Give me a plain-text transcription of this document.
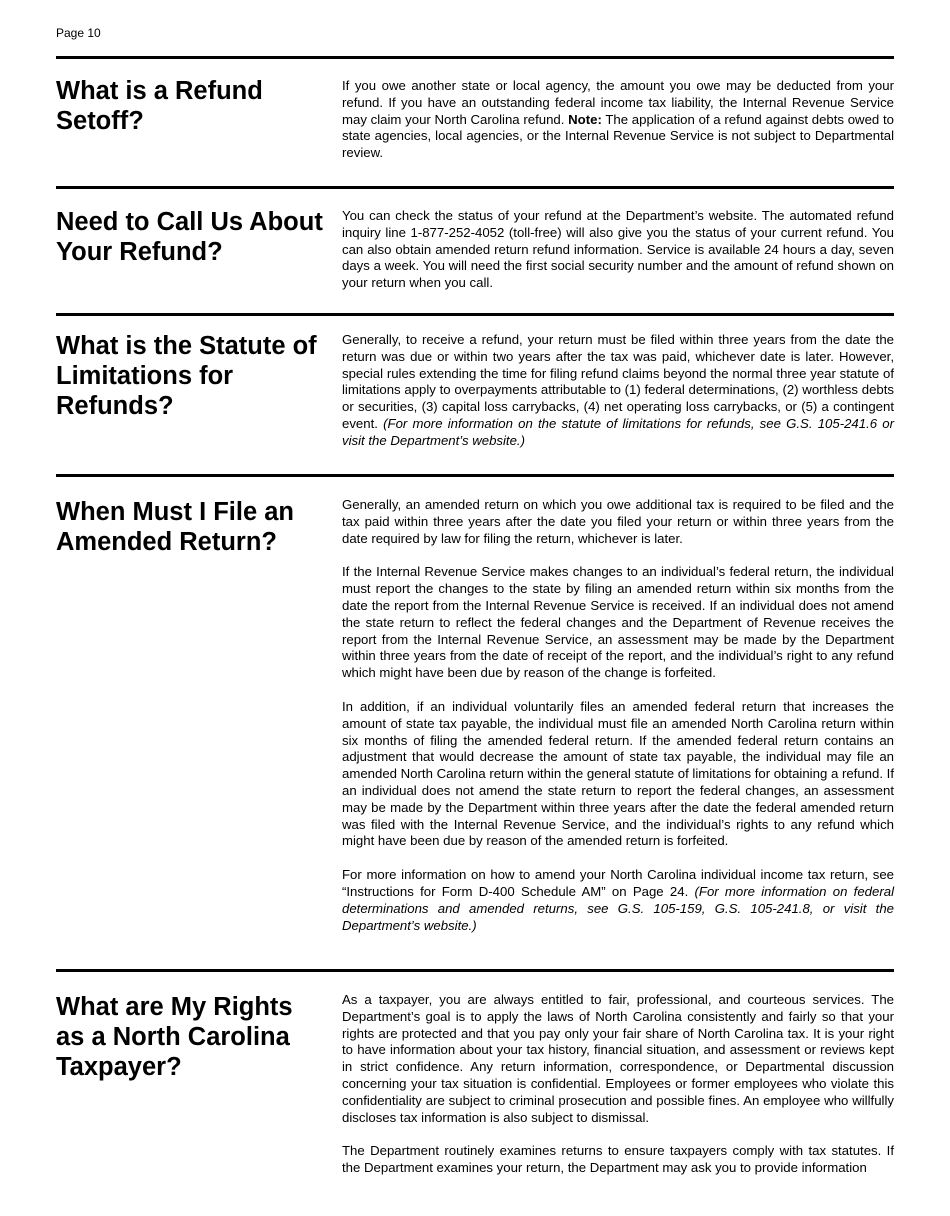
Page 10
What is a Refund Setoff?

If you owe another state or local agency, the amount you owe may be deducted from your refund. If you have an outstanding federal income tax liability, the Internal Revenue Service may claim your North Carolina refund. Note: The application of a refund against debts owed to state agencies, local agencies, or the Internal Revenue Service is not subject to Departmental review.

Need to Call Us About Your Refund?

You can check the status of your refund at the Department’s website. The automated refund inquiry line 1-877-252-4052 (toll-free) will also give you the status of your current refund. You can also obtain amended return refund information. Service is available 24 hours a day, seven days a week. You will need the first social security number and the amount of refund shown on your return when you call.

What is the Statute of Limitations for Refunds?

Generally, to receive a refund, your return must be filed within three years from the date the return was due or within two years after the tax was paid, whichever date is later. However, special rules extending the time for filing refund claims beyond the normal three year statute of limitations apply to overpayments attributable to (1) federal determinations, (2) worthless debts or securities, (3) capital loss carrybacks, (4) net operating loss carrybacks, or (5) a contingent event. (For more information on the statute of limitations for refunds, see G.S. 105-241.6 or visit the Department’s website.)

When Must I File an Amended Return?

Generally, an amended return on which you owe additional tax is required to be filed and the tax paid within three years after the date you filed your return or within three years from the date required by law for filing the return, whichever is later.

If the Internal Revenue Service makes changes to an individual’s federal return, the individual must report the changes to the state by filing an amended return within six months from the date the report from the Internal Revenue Service is received. If an individual does not amend the state return to reflect the federal changes and the Department of Revenue receives the report from the Internal Revenue Service, an assessment may be made by the Department within three years from the date of receipt of the report, and the individual’s right to any refund which might have been due by reason of the change is forfeited.

In addition, if an individual voluntarily files an amended federal return that increases the amount of state tax payable, the individual must file an amended North Carolina return within six months of filing the amended federal return. If the amended federal return contains an adjustment that would decrease the amount of state tax payable, the individual may file an amended North Carolina return within the general statute of limitations for obtaining a refund. If an individual does not amend the state return to report the federal changes, an assessment may be made by the Department within three years after the date the federal amended return was filed with the Internal Revenue Service, and the individual’s rights to any refund which might have been due by reason of the amended return is forfeited.

For more information on how to amend your North Carolina individual income tax return, see “Instructions for Form D-400 Schedule AM” on Page 24. (For more information on federal determinations and amended returns, see G.S. 105-159, G.S. 105-241.8, or visit the Department’s website.)

What are My Rights as a North Carolina Taxpayer?

As a taxpayer, you are always entitled to fair, professional, and courteous services. The Department’s goal is to apply the laws of North Carolina consistently and fairly so that your rights are protected and that you pay only your fair share of North Carolina tax. It is your right to have information about your tax history, financial situation, and assessment or reviews kept in strict confidence. Any return information, correspondence, or Departmental discussion concerning your tax situation is confidential. Employees or former employees who violate this confidentiality are subject to criminal prosecution and possible fines. An employee who willfully discloses tax information is also subject to dismissal.

The Department routinely examines returns to ensure taxpayers comply with tax statutes. If the Department examines your return, the Department may ask you to provide information
